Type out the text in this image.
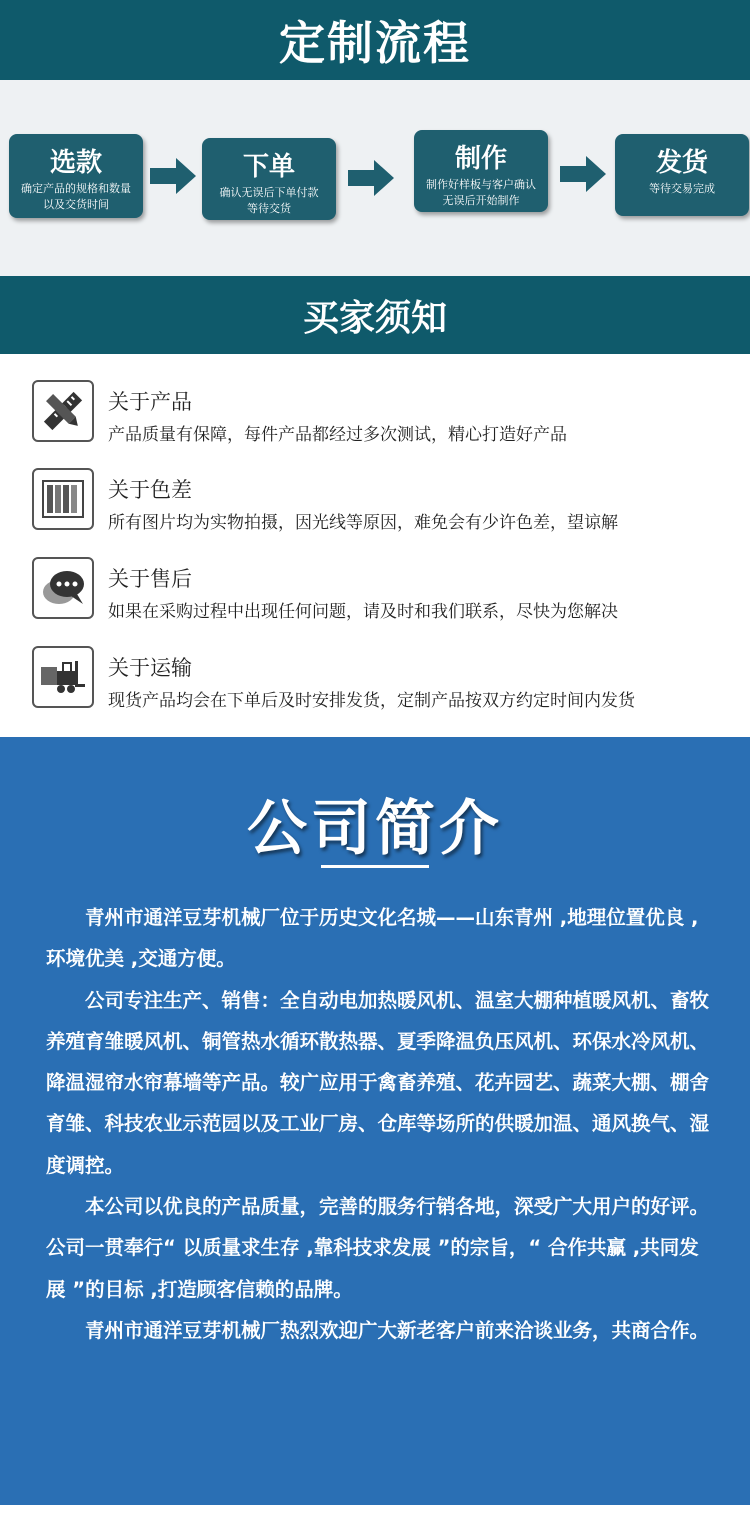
定制流程
选款
确定产品的规格和数量
以及交货时间
下单
确认无误后下单付款
等待交货
制作
制作好样板与客户确认
无误后开始制作
发货
等待交易完成
买家须知
关于产品
产品质量有保障，每件产品都经过多次测试，精心打造好产品
关于色差
所有图片均为实物拍摄，因光线等原因，难免会有少许色差，望谅解
关于售后
如果在采购过程中出现任何问题，请及时和我们联系，尽快为您解决
关于运输
现货产品均会在下单后及时安排发货，定制产品按双方约定时间内发货
公司简介

青州市通洋豆芽机械厂位于历史文化名城——山东青州 ,地理位置优良 ,环境优美 ,交通方便。

公司专注生产、销售：全自动电加热暖风机、温室大棚种植暖风机、畜牧养殖育雏暖风机、铜管热水循环散热器、夏季降温负压风机、环保水冷风机、降温湿帘水帘幕墙等产品。较广应用于禽畜养殖、花卉园艺、蔬菜大棚、棚舍育雏、科技农业示范园以及工业厂房、仓库等场所的供暖加温、通风换气、湿度调控。

本公司以优良的产品质量，完善的服务行销各地，深受广大用户的好评。公司一贯奉行“ 以质量求生存 ,靠科技求发展 ”的宗旨，“ 合作共赢 ,共同发展 ”的目标 ,打造顾客信赖的品牌。

青州市通洋豆芽机械厂热烈欢迎广大新老客户前来洽谈业务，共商合作。
